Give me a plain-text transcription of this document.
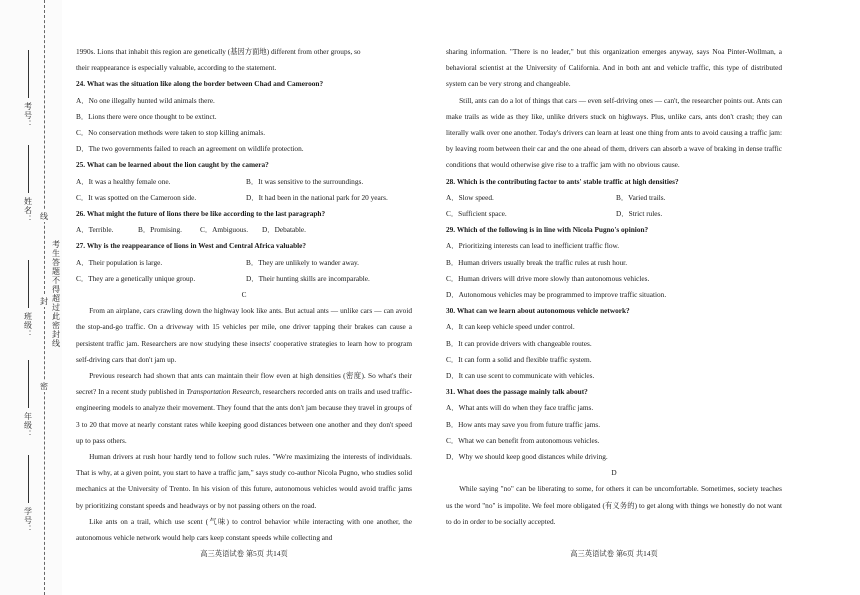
考号：
姓名：
班级：
年级：
学号：
线
封
密
考生答题不得超过此密封线

1990s. Lions that inhabit this region are genetically (基因方面地) different from other groups, so

their reappearance is especially valuable, according to the statement.

24. What was the situation like along the border between Chad and Cameroon?

A．No one illegally hunted wild animals there.

B．Lions there were once thought to be extinct.

C．No conservation methods were taken to stop killing animals.

D．The two governments failed to reach an agreement on wildlife protection.

25. What can be learned about the lion caught by the camera?

A．It was a healthy female one.	B．It was sensitive to the surroundings.

C．It was spotted on the Cameroon side.	D．It had been in the national park for 20 years.

26. What might the future of lions there be like according to the last paragraph?

A．Terrible.	B．Promising.	C．Ambiguous.	D．Debatable.

27. Why is the reappearance of lions in West and Central Africa valuable?

A．Their population is large.	B．They are unlikely to wander away.

C．They are a genetically unique group.	D．Their hunting skills are incomparable.

C

From an airplane, cars crawling down the highway look like ants. But actual ants — unlike cars — can avoid the stop-and-go traffic. On a driveway with 15 vehicles per mile, one driver tapping their brakes can cause a persistent traffic jam. Researchers are now studying these insects' cooperative strategies to learn how to program self-driving cars that don't jam up.

Previous research had shown that ants can maintain their flow even at high densities (密度). So what's their secret? In a recent study published in Transportation Research, researchers recorded ants on trails and used traffic-engineering models to analyze their movement. They found that the ants don't jam because they travel in groups of 3 to 20 that move at nearly constant rates while keeping good distances between one another and they don't speed up to pass others.

Human drivers at rush hour hardly tend to follow such rules. "We're maximizing the interests of individuals. That is why, at a given point, you start to have a traffic jam," says study co-author Nicola Pugno, who studies solid mechanics at the University of Trento. In his vision of this future, autonomous vehicles would avoid traffic jams by prioritizing constant speeds and headways or by not passing others on the road.

Like ants on a trail, which use scent (气味) to control behavior while interacting with one another, the autonomous vehicle network would help cars keep constant speeds while collecting and

sharing information. "There is no leader," but this organization emerges anyway, says Noa Pinter-Wollman, a behavioral scientist at the University of California. And in both ant and vehicle traffic, this type of distributed system can be very strong and changeable.

Still, ants can do a lot of things that cars — even self-driving ones — can't, the researcher points out. Ants can make trails as wide as they like, unlike drivers stuck on highways. Plus, unlike cars, ants don't crash; they can literally walk over one another. Today's drivers can learn at least one thing from ants to avoid causing a traffic jam: by leaving room between their car and the one ahead of them, drivers can absorb a wave of braking in dense traffic conditions that would otherwise give rise to a traffic jam with no obvious cause.

28. Which is the contributing factor to ants' stable traffic at high densities?

A．Slow speed.	B．Varied trails.

C．Sufficient space.	D．Strict rules.

29. Which of the following is in line with Nicola Pugno's opinion?

A．Prioritizing interests can lead to inefficient traffic flow.

B．Human drivers usually break the traffic rules at rush hour.

C．Human drivers will drive more slowly than autonomous vehicles.

D．Autonomous vehicles may be programmed to improve traffic situation.

30. What can we learn about autonomous vehicle network?

A．It can keep vehicle speed under control.

B．It can provide drivers with changeable routes.

C．It can form a solid and flexible traffic system.

D．It can use scent to communicate with vehicles.

31. What does the passage mainly talk about?

A．What ants will do when they face traffic jams.

B．How ants may save you from future traffic jams.

C．What we can benefit from autonomous vehicles.

D．Why we should keep good distances while driving.

D

While saying "no" can be liberating to some, for others it can be uncomfortable. Sometimes, society teaches us the word "no" is impolite. We feel more obligated (有义务的) to get along with things we honestly do not want to do in order to be socially accepted.

高三英语试卷 第5页 共14页	高三英语试卷 第6页 共14页
